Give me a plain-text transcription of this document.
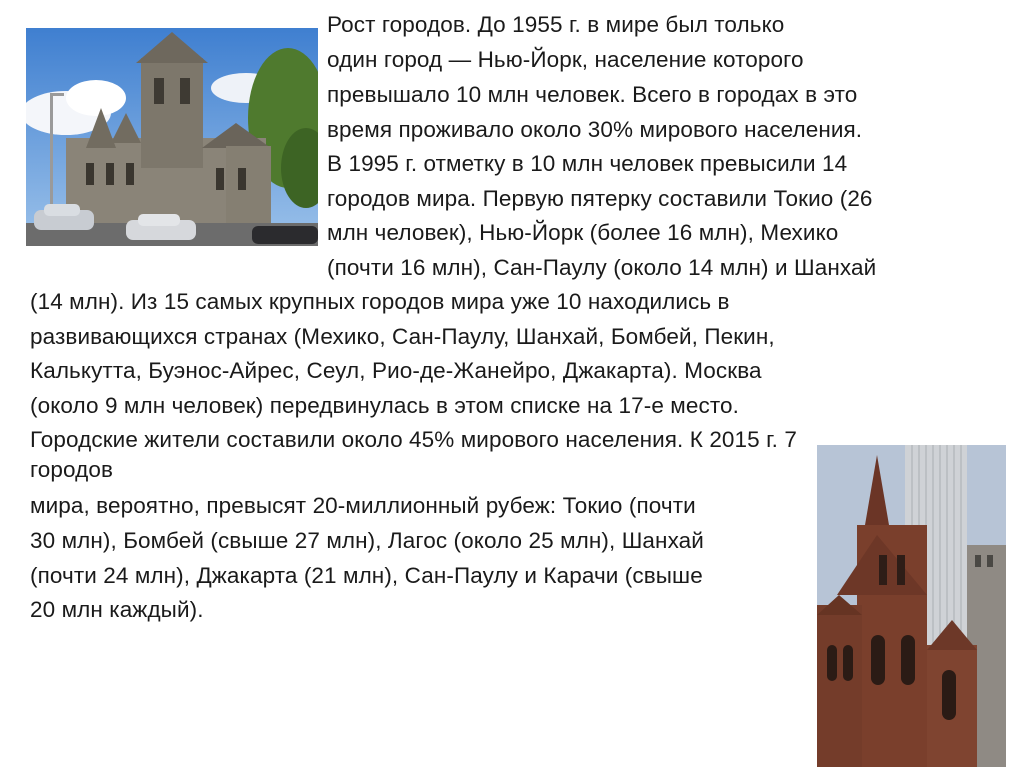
Рост городов. До 1955 г. в мире был только
один город — Нью-Йорк, население которого
превышало 10 млн человек. Всего в городах в это
время проживало около 30% мирового населения.
В 1995 г. отметку в 10 млн человек превысили 14
городов мира. Первую пятерку составили Токио (26
млн человек), Нью-Йорк (более 16 млн), Мехико
(почти 16 млн), Сан-Паулу (около 14 млн) и Шанхай
(14 млн). Из 15 самых крупных городов мира уже 10 находились в
развивающихся странах (Мехико, Сан-Паулу, Шанхай, Бомбей, Пекин,
Калькутта, Буэнос-Айрес, Сеул, Рио-де-Жанейро, Джакарта). Москва
(около 9 млн человек) передвинулась в этом списке на 17-е место.
Городские жители составили около 45% мирового населения. К 2015 г. 7
городов
мира, вероятно, превысят 20-миллионный рубеж: Токио (почти
30 млн), Бомбей (свыше 27 млн), Лагос (около 25 млн), Шанхай
(почти 24 млн), Джакарта (21 млн), Сан-Паулу и Карачи (свыше
20 млн каждый).
